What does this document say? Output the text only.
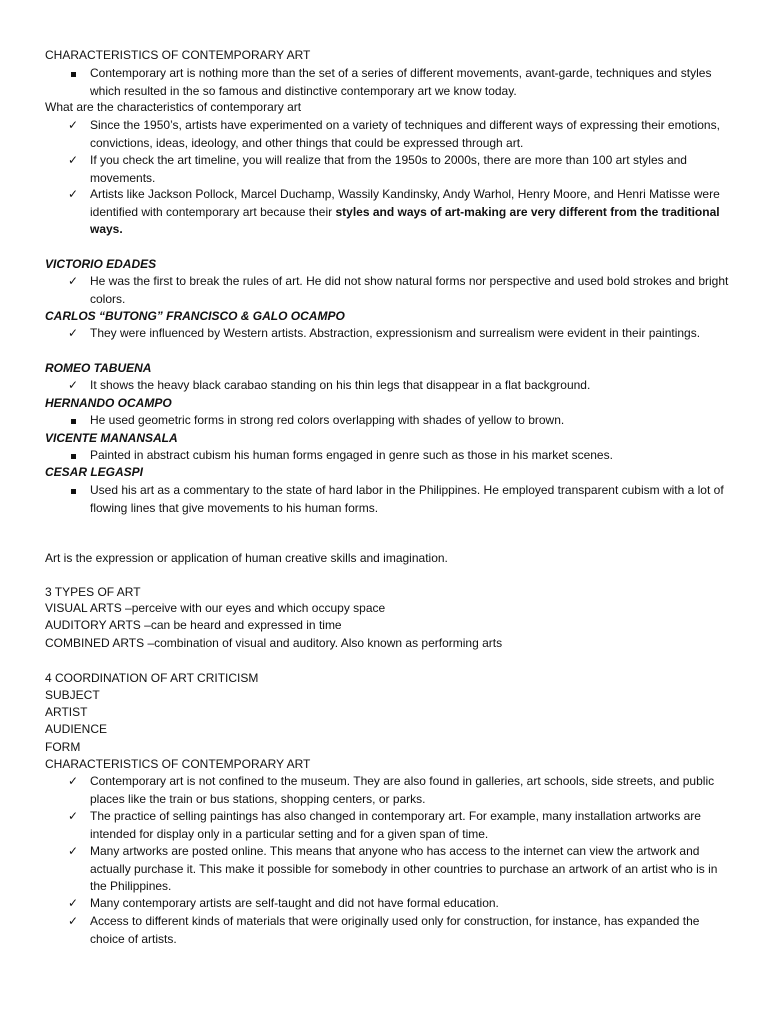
CHARACTERISTICS OF CONTEMPORARY ART

Contemporary art is nothing more than the set of a series of different movements, avant-garde, techniques and styles which resulted in the so famous and distinctive contemporary art we know today.

What are the characteristics of contemporary art
✓ Since the 1950’s, artists have experimented on a variety of techniques and different ways of expressing their emotions, convictions, ideas, ideology, and other things that could be expressed through art.

✓ If you check the art timeline, you will realize that from the 1950s to 2000s, there are more than 100 art styles and movements.

✓ Artists like Jackson Pollock, Marcel Duchamp, Wassily Kandinsky, Andy Warhol, Henry Moore, and Henri Matisse were identified with contemporary art because their styles and ways of art-making are very different from the traditional ways.

VICTORIO EDADES
✓ He was the first to break the rules of art. He did not show natural forms nor perspective and used bold strokes and bright colors.

CARLOS “BUTONG” FRANCISCO & GALO OCAMPO
✓ They were influenced by Western artists. Abstraction, expressionism and surrealism were evident in their paintings.

ROMEO TABUENA
✓ It shows the heavy black carabao standing on his thin legs that disappear in a flat background.

HERNANDO OCAMPO

He used geometric forms in strong red colors overlapping with shades of yellow to brown.

VICENTE MANANSALA

Painted in abstract cubism his human forms engaged in genre such as those in his market scenes.

CESAR LEGASPI

Used his art as a commentary to the state of hard labor in the Philippines. He employed transparent cubism with a lot of flowing lines that give movements to his human forms.

Art is the expression or application of human creative skills and imagination.
3 TYPES OF ART
VISUAL ARTS –perceive with our eyes and which occupy space
AUDITORY ARTS –can be heard and expressed in time
COMBINED ARTS –combination of visual and auditory. Also known as performing arts
4 COORDINATION OF ART CRITICISM
SUBJECT
ARTIST
AUDIENCE
FORM
CHARACTERISTICS OF CONTEMPORARY ART
✓ Contemporary art is not confined to the museum. They are also found in galleries, art schools, side streets, and public places like the train or bus stations, shopping centers, or parks.

✓ The practice of selling paintings has also changed in contemporary art. For example, many installation artworks are intended for display only in a particular setting and for a given span of time.

✓ Many artworks are posted online. This means that anyone who has access to the internet can view the artwork and actually purchase it. This make it possible for somebody in other countries to purchase an artwork of an artist who is in the Philippines.

✓ Many contemporary artists are self-taught and did not have formal education.

✓ Access to different kinds of materials that were originally used only for construction, for instance, has expanded the choice of artists.
